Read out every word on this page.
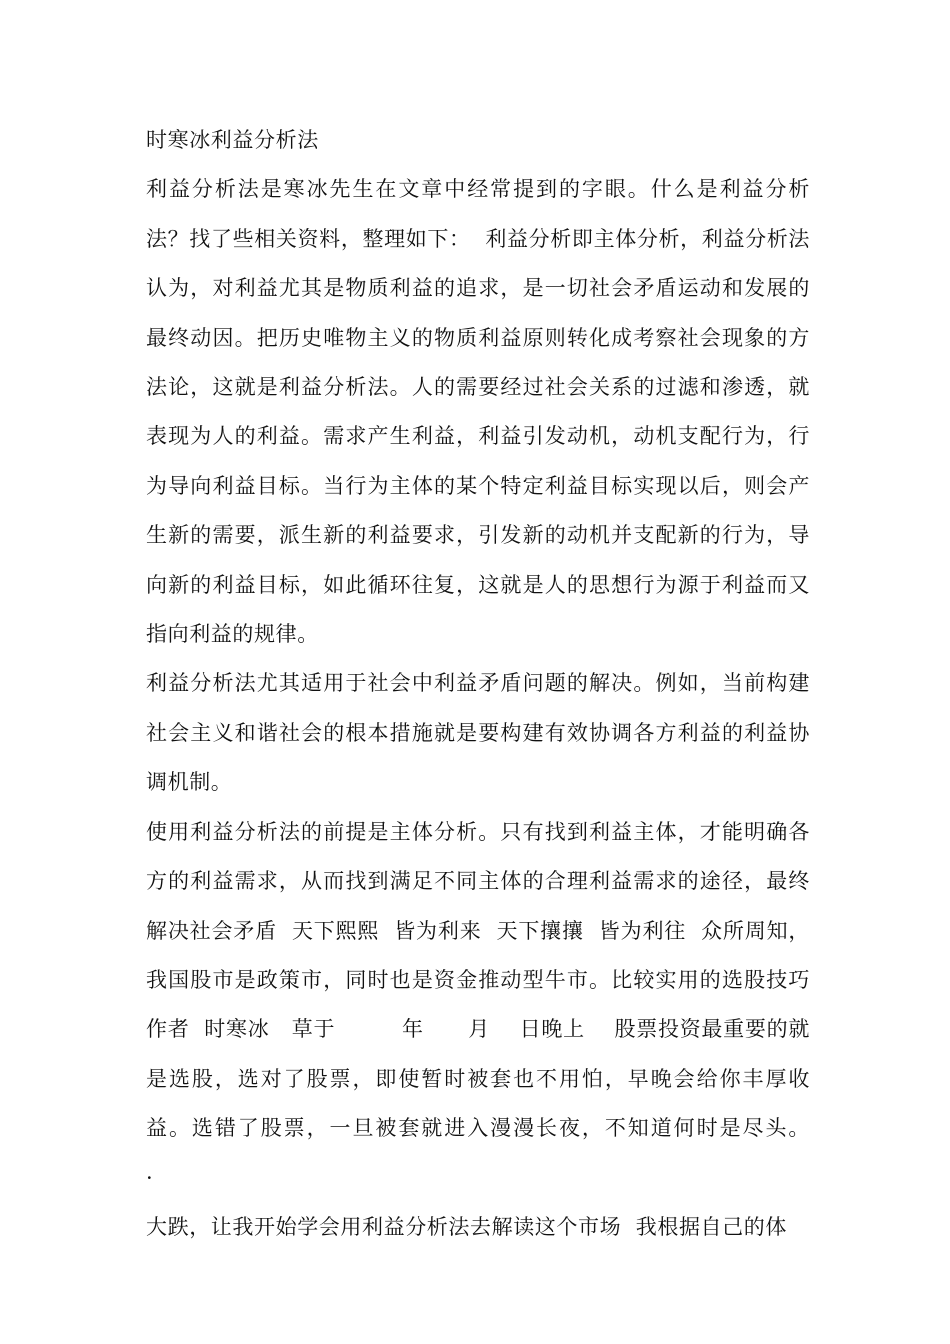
时寒冰利益分析法

利益分析法是寒冰先生在文章中经常提到的字眼。什么是利益分析法？找了些相关资料，整理如下：  利益分析即主体分析，利益分析法认为，对利益尤其是物质利益的追求，是一切社会矛盾运动和发展的最终动因。把历史唯物主义的物质利益原则转化成考察社会现象的方法论，这就是利益分析法。人的需要经过社会关系的过滤和渗透，就表现为人的利益。需求产生利益，利益引发动机，动机支配行为，行为导向利益目标。当行为主体的某个特定利益目标实现以后，则会产生新的需要，派生新的利益要求，引发新的动机并支配新的行为，导向新的利益目标，如此循环往复，这就是人的思想行为源于利益而又指向利益的规律。

利益分析法尤其适用于社会中利益矛盾问题的解决。例如，当前构建社会主义和谐社会的根本措施就是要构建有效协调各方利益的利益协调机制。

使用利益分析法的前提是主体分析。只有找到利益主体，才能明确各方的利益需求，从而找到满足不同主体的合理利益需求的途径，最终解决社会矛盾  天下熙熙  皆为利来  天下攘攘  皆为利往  众所周知，我国股市是政策市，同时也是资金推动型牛市。比较实用的选股技巧   作者  时寒冰   草于         年      月    日晚上    股票投资最重要的就是选股，选对了股票，即使暂时被套也不用怕，早晚会给你丰厚收益。选错了股票，一旦被套就进入漫漫长夜，不知道何时是尽头。     ·

大跌，让我开始学会用利益分析法去解读这个市场  我根据自己的体
